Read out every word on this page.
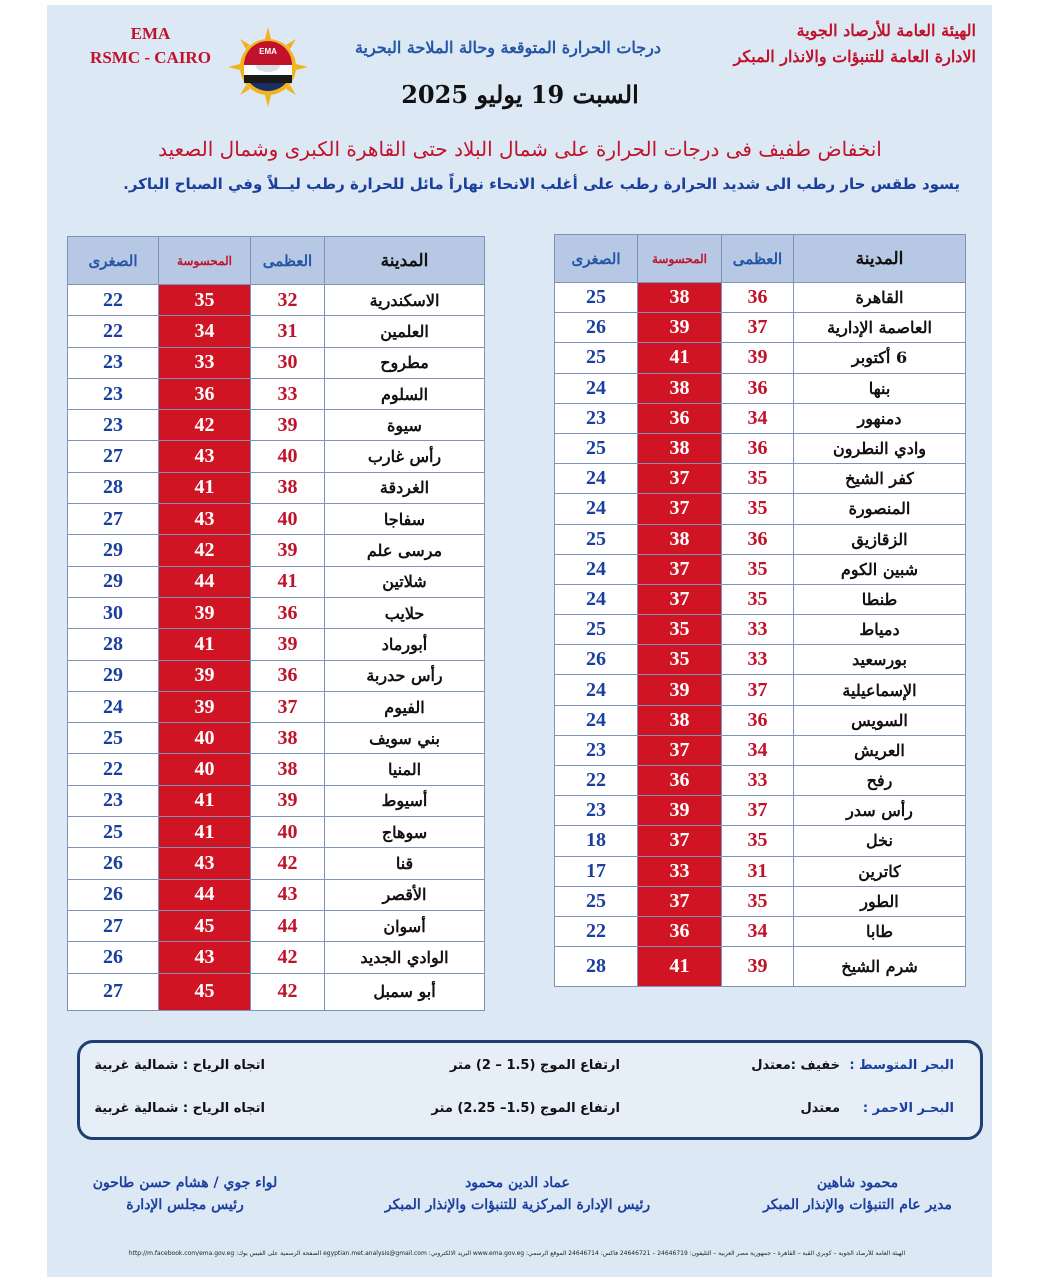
EMA
RSMC - CAIRO	EMA
الهيئة العامة للأرصاد الجوية
الادارة العامة للتنبؤات والانذار المبكر
درجات الحرارة المتوقعة وحالة الملاحة البحرية
السبت 19 يوليو 2025
انخفاض طفيف فى درجات الحرارة على شمال البلاد حتى القاهرة الكبرى وشمال الصعيد
يسود طقس حار رطب الى شديد الحرارة رطب على أغلب الانحاء نهاراً مائل للحرارة رطب ليــلاً وفي الصباح الباكر.
المدينة	العظمى	المحسوسة	الصغرى
القاهرة	36	38	25
العاصمة الإدارية	37	39	26
6 أكتوبر	39	41	25
بنها	36	38	24
دمنهور	34	36	23
وادي النطرون	36	38	25
كفر الشيخ	35	37	24
المنصورة	35	37	24
الزقازيق	36	38	25
شبين الكوم	35	37	24
طنطا	35	37	24
دمياط	33	35	25
بورسعيد	33	35	26
الإسماعيلية	37	39	24
السويس	36	38	24
العريش	34	37	23
رفح	33	36	22
رأس سدر	37	39	23
نخل	35	37	18
كاترين	31	33	17
الطور	35	37	25
طابا	34	36	22
شرم الشيخ	39	41	28
المدينة	العظمى	المحسوسة	الصغرى
الاسكندرية	32	35	22
العلمين	31	34	22
مطروح	30	33	23
السلوم	33	36	23
سيوة	39	42	23
رأس غارب	40	43	27
الغردقة	38	41	28
سفاجا	40	43	27
مرسى علم	39	42	29
شلاتين	41	44	29
حلايب	36	39	30
أبورماد	39	41	28
رأس حدربة	36	39	29
الفيوم	37	39	24
بني سويف	38	40	25
المنيا	38	40	22
أسيوط	39	41	23
سوهاج	40	41	25
قنا	42	43	26
الأقصر	43	44	26
أسوان	44	45	27
الوادي الجديد	42	43	26
أبو سمبل	42	45	27
البحر المتوسط :
خفيف :معتدل
ارتفاع الموج (1.5 – 2) متر
اتجاه الرياح : شمالية غربية
البحـر الاحمر :
معتدل
ارتفاع الموج (1.5– 2.25) متر
اتجاه الرياح : شمالية غربية
محمود شاهين
مدير عام التنبؤات والإنذار المبكر
عماد الدين محمود
رئيس الإدارة المركزية للتنبؤات والإنذار المبكر
لواء جوي / هشام حسن طاحون
رئيس مجلس الإدارة
الهيئة العامة للأرصاد الجوية – كوبري القبة – القاهرة – جمهورية مصر العربية – التليفون: 24646719 – 24646721 فاكس: 24646714 الموقع الرسمي: www.ema.gov.eg البريد الالكتروني: egyptian.met.analysis@gmail.com الصفحة الرسمية على الفيس بوك: http://m.facebook.com/ema.gov.eg
